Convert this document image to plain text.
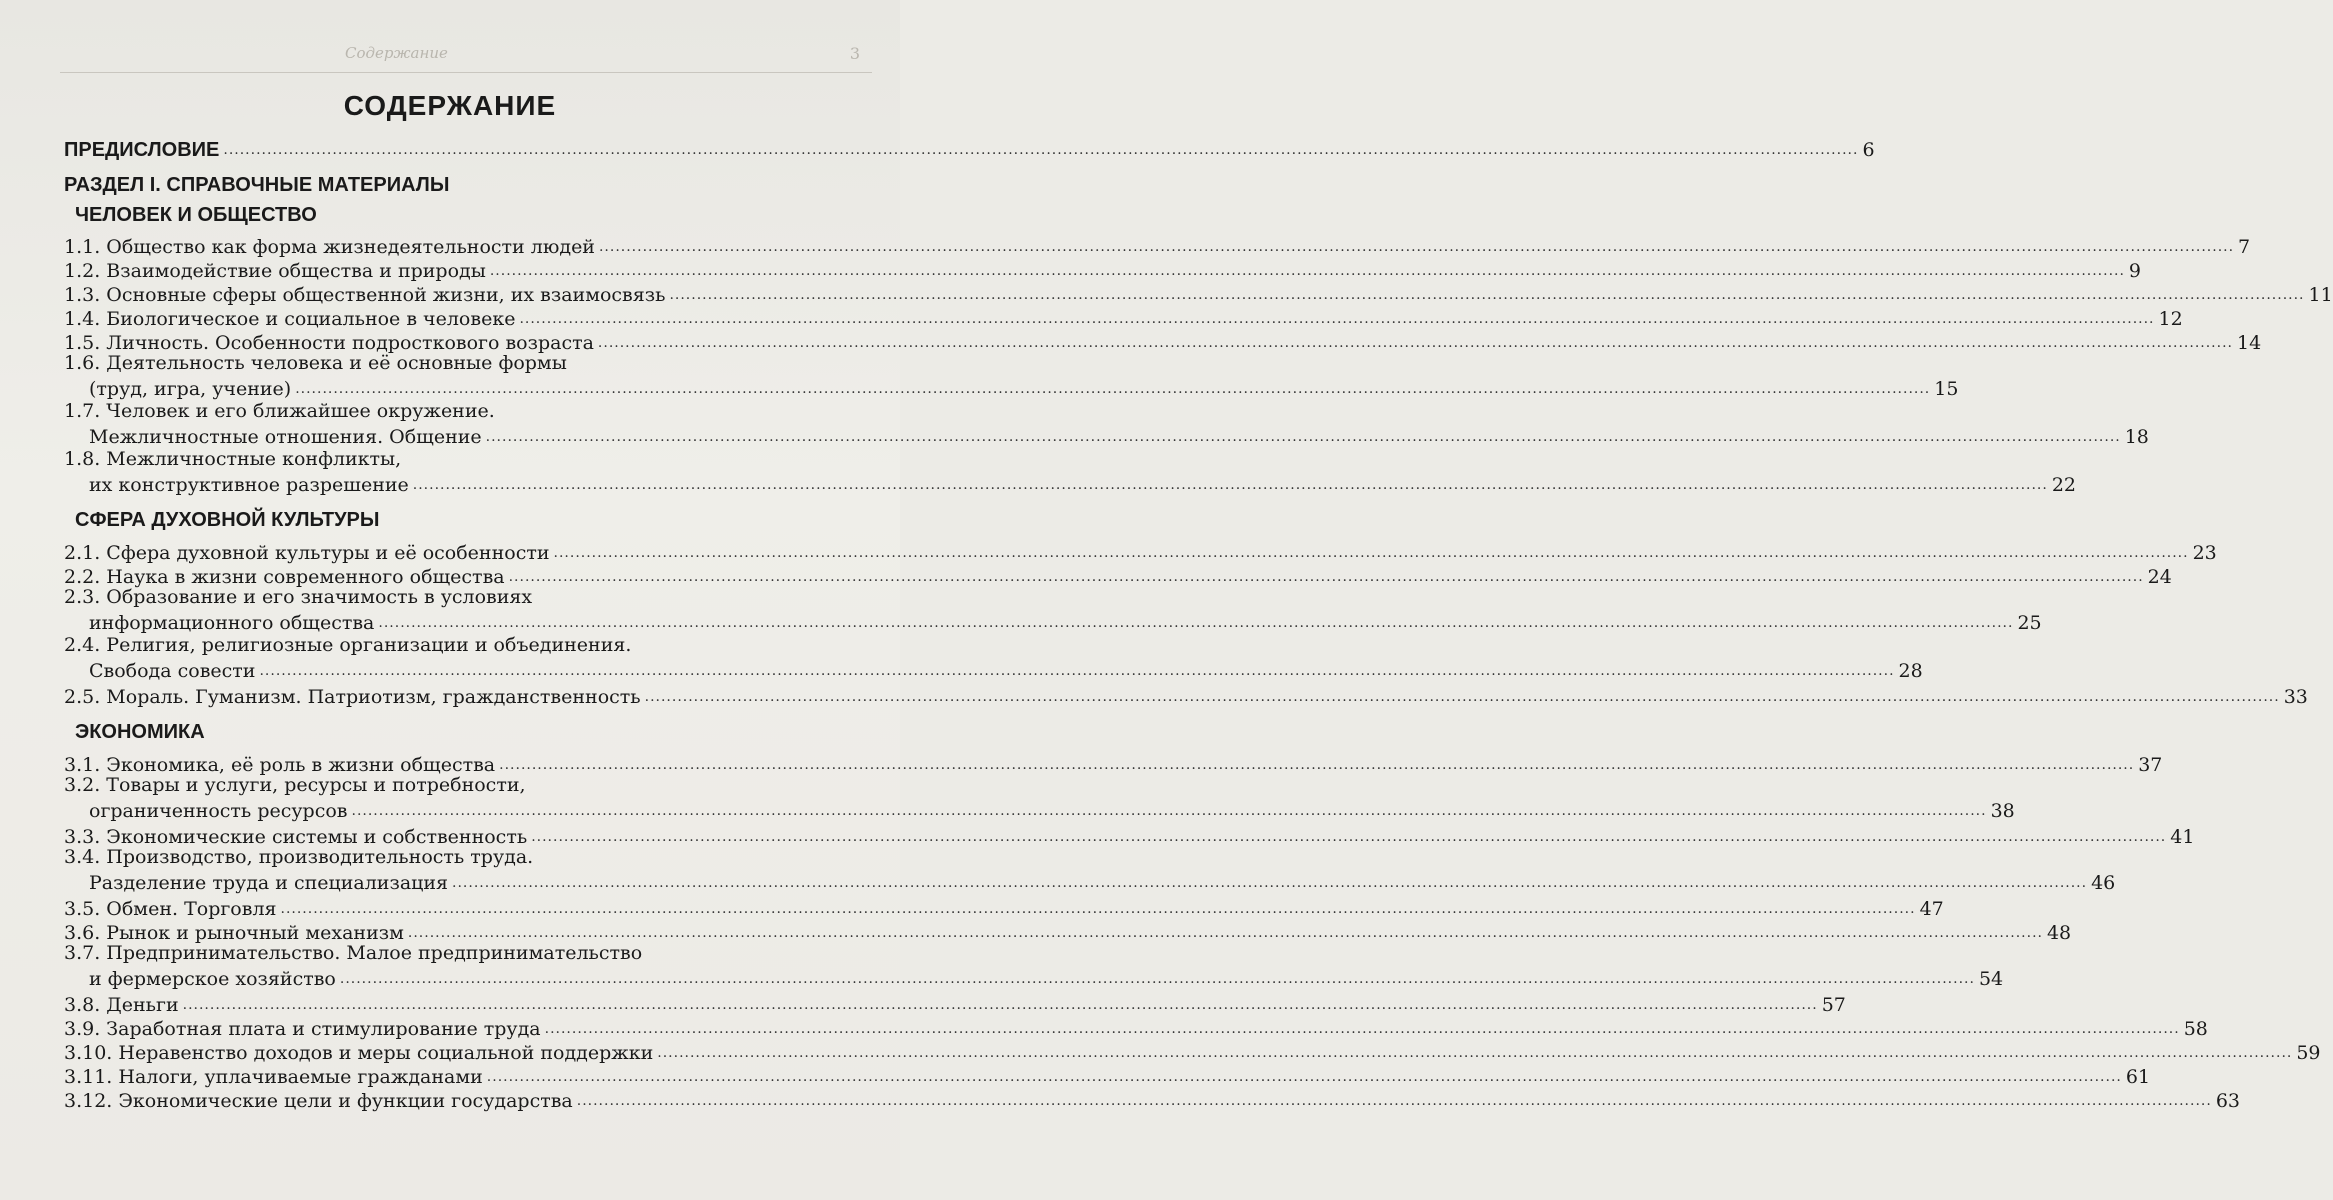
Содержание	3
СОДЕРЖАНИЕ
ПРЕДИСЛОВИЕ ............................................................................................................................................................................................................................................................................................................ 6
РАЗДЕЛ I. СПРАВОЧНЫЕ МАТЕРИАЛЫ
ЧЕЛОВЕК И ОБЩЕСТВО
1.1. Общество как форма жизнедеятельности людей ............................................................................................................................................................................................................................................................................................................ 7
1.2. Взаимодействие общества и природы ............................................................................................................................................................................................................................................................................................................ 9
1.3. Основные сферы общественной жизни, их взаимосвязь ............................................................................................................................................................................................................................................................................................................ 11
1.4. Биологическое и социальное в человеке ............................................................................................................................................................................................................................................................................................................ 12
1.5. Личность. Особенности подросткового возраста ............................................................................................................................................................................................................................................................................................................ 14
1.6. Деятельность человека и её основные формы
(труд, игра, учение) ............................................................................................................................................................................................................................................................................................................ 15
1.7. Человек и его ближайшее окружение.
Межличностные отношения. Общение ............................................................................................................................................................................................................................................................................................................ 18
1.8. Межличностные конфликты,
их конструктивное разрешение ............................................................................................................................................................................................................................................................................................................ 22
СФЕРА ДУХОВНОЙ КУЛЬТУРЫ
2.1. Сфера духовной культуры и её особенности ............................................................................................................................................................................................................................................................................................................ 23
2.2. Наука в жизни современного общества ............................................................................................................................................................................................................................................................................................................ 24
2.3. Образование и его значимость в условиях
информационного общества ............................................................................................................................................................................................................................................................................................................ 25
2.4. Религия, религиозные организации и объединения.
Свобода совести ............................................................................................................................................................................................................................................................................................................ 28
2.5. Мораль. Гуманизм. Патриотизм, гражданственность ............................................................................................................................................................................................................................................................................................................ 33
ЭКОНОМИКА
3.1. Экономика, её роль в жизни общества ............................................................................................................................................................................................................................................................................................................ 37
3.2. Товары и услуги, ресурсы и потребности,
ограниченность ресурсов ............................................................................................................................................................................................................................................................................................................ 38
3.3. Экономические системы и собственность ............................................................................................................................................................................................................................................................................................................ 41
3.4. Производство, производительность труда.
Разделение труда и специализация ............................................................................................................................................................................................................................................................................................................ 46
3.5. Обмен. Торговля ............................................................................................................................................................................................................................................................................................................ 47
3.6. Рынок и рыночный механизм ............................................................................................................................................................................................................................................................................................................ 48
3.7. Предпринимательство. Малое предпринимательство
и фермерское хозяйство ............................................................................................................................................................................................................................................................................................................ 54
3.8. Деньги ............................................................................................................................................................................................................................................................................................................ 57
3.9. Заработная плата и стимулирование труда ............................................................................................................................................................................................................................................................................................................ 58
3.10. Неравенство доходов и меры социальной поддержки ............................................................................................................................................................................................................................................................................................................ 59
3.11. Налоги, уплачиваемые гражданами ............................................................................................................................................................................................................................................................................................................ 61
3.12. Экономические цели и функции государства ............................................................................................................................................................................................................................................................................................................ 63
